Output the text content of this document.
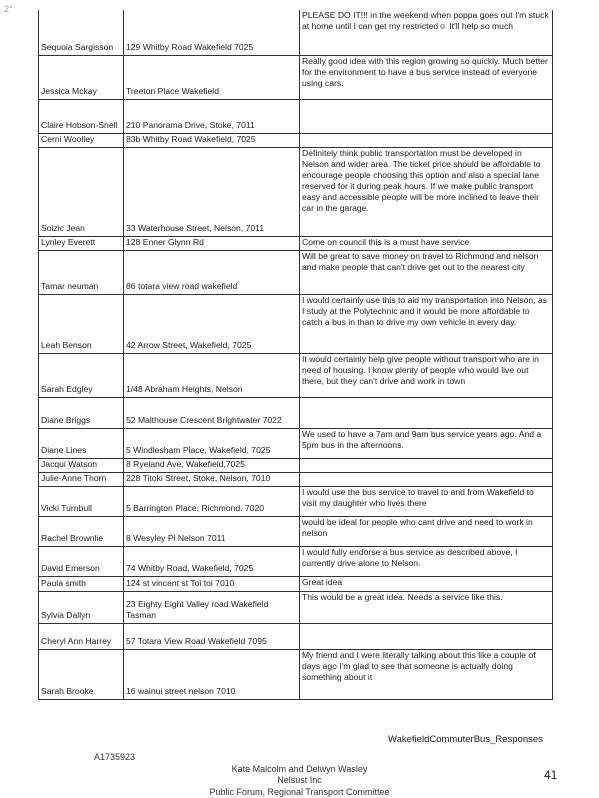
2°
Sequoia Sargisson	129 Whitby Road Wakefield 7025	PLEASE DO IT!!! in the weekend when poppa goes out I'm stuck at home until I can get my restricted☺ It'll help so much
Jessica Mckay	Treeton Place Wakefield	Really good idea with this region growing so quickly. Much better for the environment to have a bus service instead of everyone using cars.
Claire Hobson-Snell	210 Panorama Drive, Stoke, 7011	
Cerni Woolley	83b Whitby Road Wakefield, 7025	
Soizic Jean	33 Waterhouse Street, Nelson, 7011	Definitely think public transportation must be developed in Nelson and wider area. The ticket price should be affordable to encourage people choosing this option and also a special lane reserved for it during peak hours. If we make public transport easy and accessible people will be more inclined to leave their car in the garage.
Lynley Everett	128 Enner Glynn Rd	Come on council this is a must have service
Tamar neuman	86 totara view road wakefield	Will be great to save money on travel to Richmond and nelson and make people that can't drive get out to the nearest city
Leah Benson	42 Arrow Street, Wakefield, 7025	I would certainly use this to aid my transportation into Nelson, as I study at the Polytechnic and it would be more affordable to catch a bus in than to drive my own vehicle in every day.
Sarah Edgley	1/48 Abraham Heights, Nelson	It would certainly help give people without transport who are in need of housing. I know plenty of people who would live out there, but they can't drive and work in town
Diane Briggs	52 Malthouse Crescent Brightwater 7022	
Diane Lines	5 Windlesham Place, Wakefield, 7025	We used to have a 7am and 9am bus service years ago. And a 5pm bus in the afternoons.
Jacqui Watson	8 Ryeland Ave, Wakefield,7025	
Julie-Anne Thorn	228 Titoki Street, Stoke, Nelson, 7010	
Vicki Turnbull	5 Barrington Place, Richmond. 7020	I would use the bus service to travel to and from Wakefield to visit my daughter who lives there
Rachel Brownlie	8 Wesyley Pl Nelson 7011	would be ideal for people who cant drive and need to work in nelson
David Emerson	74 Whitby Road, Wakefield, 7025	I would fully endorse a bus service as described above, I currently drive alone to Nelson.
Paula smith	124 st vincent st Toi toi 7010	Great idea
Sylvia Dallyn	23 Eighty Eight Valley road Wakefield Tasman	This would be a great idea. Needs a service like this.
Cheryl Ann Harrey	57 Totara View Road Wakefield 7095	
Sarah Brooke	16 wainui street nelson 7010	My friend and I were literally talking about this like a couple of days ago I'm glad to see that someone is actually doing something about it
WakefieldCommuterBus_Responses
A1735923
Kate Malcolm and Delwyn Wasley
Nelsust Inc
Public Forum, Regional Transport Committee
41
